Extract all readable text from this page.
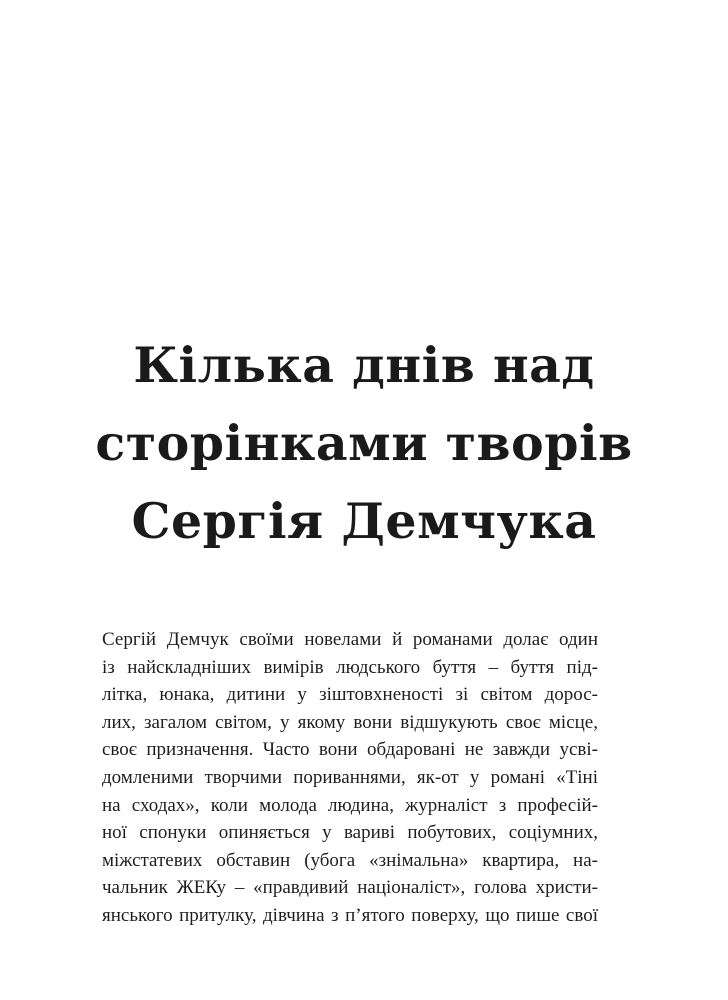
Кілька днів над
сторінками творів
Сергія Демчука

Сергій Демчук своїми новелами й романами долає один
із найскладніших вимірів людського буття – буття під-
літка, юнака, дитини у зіштовхненості зі світом дорос-
лих, загалом світом, у якому вони відшукують своє місце,
своє призначення. Часто вони обдаровані не завжди усві-
домленими творчими пориваннями, як-от у романі «Тіні
на сходах», коли молода людина, журналіст з професій-
ної спонуки опиняється у вариві побутових, соціумних,
міжстатевих обставин (убога «знімальна» квартира, на-
чальник ЖЕКу – «правдивий націоналіст», голова христи-
янського притулку, дівчина з п’ятого поверху, що пише свої
